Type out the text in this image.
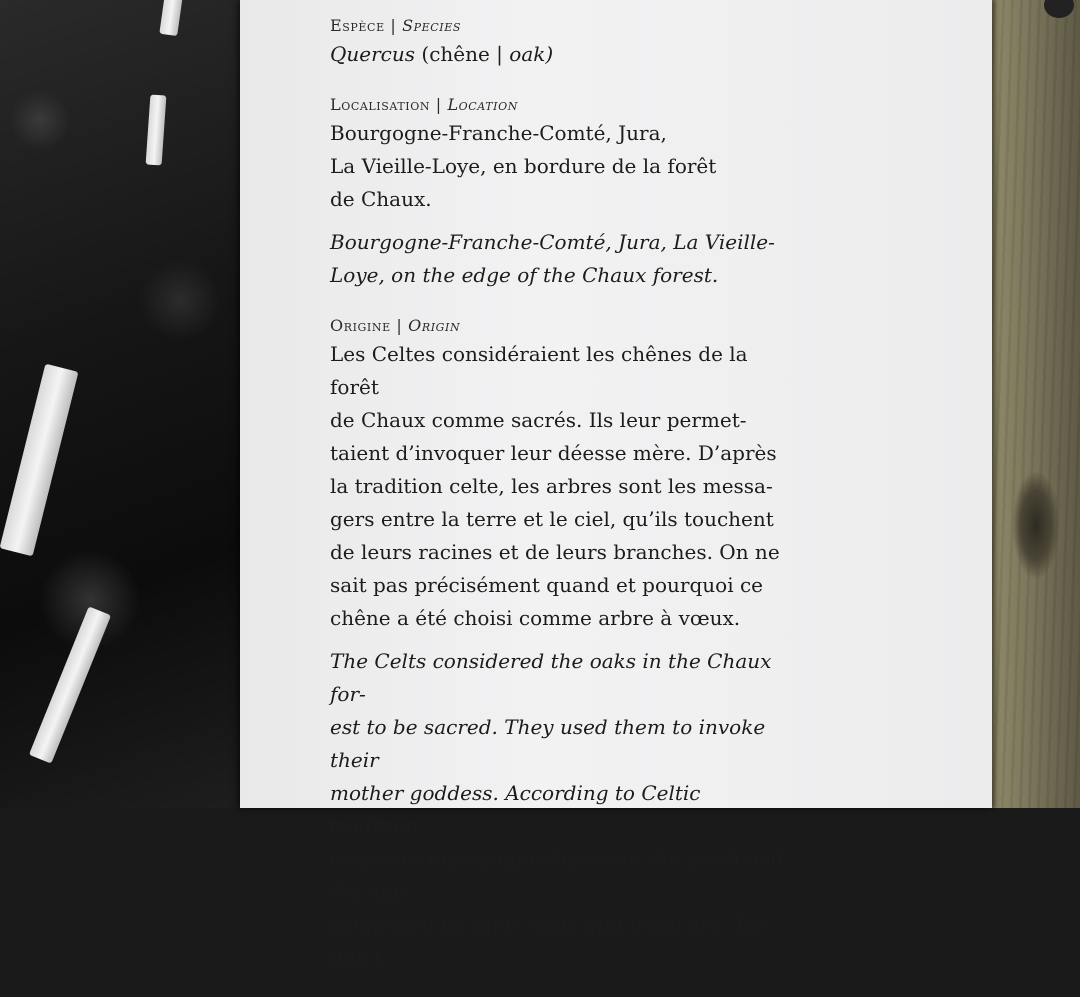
Espèce | Species

Quercus (chêne | oak)

Localisation | Location

Bourgogne-Franche-Comté, Jura,

La Vieille-Loye, en bordure de la forêt

de Chaux.

Bourgogne-Franche-Comté, Jura, La Vieille-

Loye, on the edge of the Chaux forest.

Origine | Origin

Les Celtes considéraient les chênes de la forêt

de Chaux comme sacrés. Ils leur permet-

taient d’invoquer leur déesse mère. D’après

la tradition celte, les arbres sont les messa-

gers entre la terre et le ciel, qu’ils touchent

de leurs racines et de leurs branches. On ne

sait pas précisément quand et pourquoi ce

chêne a été choisi comme arbre à vœux.

The Celts considered the oaks in the Chaux for-

est to be sacred. They used them to invoke their

mother goddess. According to Celtic tradition,

trees are messengers between the earth and the sky,

connected by their roots and branches. We don’t
